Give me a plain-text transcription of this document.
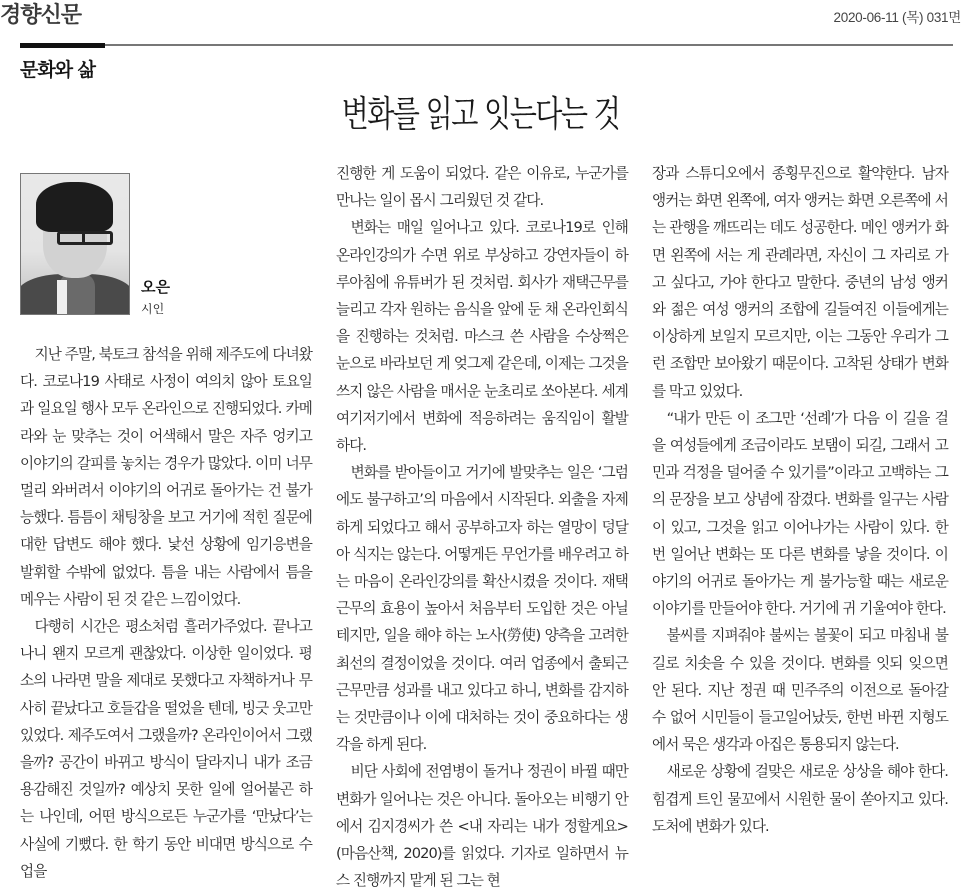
경향신문	2020-06-11 (목) 031면
문화와 삶
변화를 읽고 잇는다는 것
오은
시인

지난 주말, 북토크 참석을 위해 제주도에 다녀왔다. 코로나19 사태로 사정이 여의치 않아 토요일과 일요일 행사 모두 온라인으로 진행되었다. 카메라와 눈 맞추는 것이 어색해서 말은 자주 엉키고 이야기의 갈피를 놓치는 경우가 많았다. 이미 너무 멀리 와버려서 이야기의 어귀로 돌아가는 건 불가능했다. 틈틈이 채팅창을 보고 거기에 적힌 질문에 대한 답변도 해야 했다. 낯선 상황에 임기응변을 발휘할 수밖에 없었다. 틈을 내는 사람에서 틈을 메우는 사람이 된 것 같은 느낌이었다.

다행히 시간은 평소처럼 흘러가주었다. 끝나고 나니 왠지 모르게 괜찮았다. 이상한 일이었다. 평소의 나라면 말을 제대로 못했다고 자책하거나 무사히 끝났다고 호들갑을 떨었을 텐데, 빙긋 웃고만 있었다. 제주도여서 그랬을까? 온라인이어서 그랬을까? 공간이 바뀌고 방식이 달라지니 내가 조금 용감해진 것일까? 예상치 못한 일에 얼어붙곤 하는 나인데, 어떤 방식으로든 누군가를 ‘만났다’는 사실에 기뻤다. 한 학기 동안 비대면 방식으로 수업을

진행한 게 도움이 되었다. 같은 이유로, 누군가를 만나는 일이 몹시 그리웠던 것 같다.

변화는 매일 일어나고 있다. 코로나19로 인해 온라인강의가 수면 위로 부상하고 강연자들이 하루아침에 유튜버가 된 것처럼. 회사가 재택근무를 늘리고 각자 원하는 음식을 앞에 둔 채 온라인회식을 진행하는 것처럼. 마스크 쓴 사람을 수상쩍은 눈으로 바라보던 게 엊그제 같은데, 이제는 그것을 쓰지 않은 사람을 매서운 눈초리로 쏘아본다. 세계 여기저기에서 변화에 적응하려는 움직임이 활발하다.

변화를 받아들이고 거기에 발맞추는 일은 ‘그럼에도 불구하고’의 마음에서 시작된다. 외출을 자제하게 되었다고 해서 공부하고자 하는 열망이 덩달아 식지는 않는다. 어떻게든 무언가를 배우려고 하는 마음이 온라인강의를 확산시켰을 것이다. 재택근무의 효용이 높아서 처음부터 도입한 것은 아닐 테지만, 일을 해야 하는 노사(勞使) 양측을 고려한 최선의 결정이었을 것이다. 여러 업종에서 출퇴근 근무만큼 성과를 내고 있다고 하니, 변화를 감지하는 것만큼이나 이에 대처하는 것이 중요하다는 생각을 하게 된다.

비단 사회에 전염병이 돌거나 정권이 바뀔 때만 변화가 일어나는 것은 아니다. 돌아오는 비행기 안에서 김지경씨가 쓴 <내 자리는 내가 정할게요>(마음산책, 2020)를 읽었다. 기자로 일하면서 뉴스 진행까지 맡게 된 그는 현

장과 스튜디오에서 종횡무진으로 활약한다. 남자 앵커는 화면 왼쪽에, 여자 앵커는 화면 오른쪽에 서는 관행을 깨뜨리는 데도 성공한다. 메인 앵커가 화면 왼쪽에 서는 게 관례라면, 자신이 그 자리로 가고 싶다고, 가야 한다고 말한다. 중년의 남성 앵커와 젊은 여성 앵커의 조합에 길들여진 이들에게는 이상하게 보일지 모르지만, 이는 그동안 우리가 그런 조합만 보아왔기 때문이다. 고착된 상태가 변화를 막고 있었다.

“내가 만든 이 조그만 ‘선례’가 다음 이 길을 걸을 여성들에게 조금이라도 보탬이 되길, 그래서 고민과 걱정을 덜어줄 수 있기를”이라고 고백하는 그의 문장을 보고 상념에 잠겼다. 변화를 일구는 사람이 있고, 그것을 읽고 이어나가는 사람이 있다. 한번 일어난 변화는 또 다른 변화를 낳을 것이다. 이야기의 어귀로 돌아가는 게 불가능할 때는 새로운 이야기를 만들어야 한다. 거기에 귀 기울여야 한다.

불씨를 지펴줘야 불씨는 불꽃이 되고 마침내 불길로 치솟을 수 있을 것이다. 변화를 잇되 잊으면 안 된다. 지난 정권 때 민주주의 이전으로 돌아갈 수 없어 시민들이 들고일어났듯, 한번 바뀐 지형도에서 묵은 생각과 아집은 통용되지 않는다.

새로운 상황에 걸맞은 새로운 상상을 해야 한다. 힘겹게 트인 물꼬에서 시원한 물이 쏟아지고 있다. 도처에 변화가 있다.
